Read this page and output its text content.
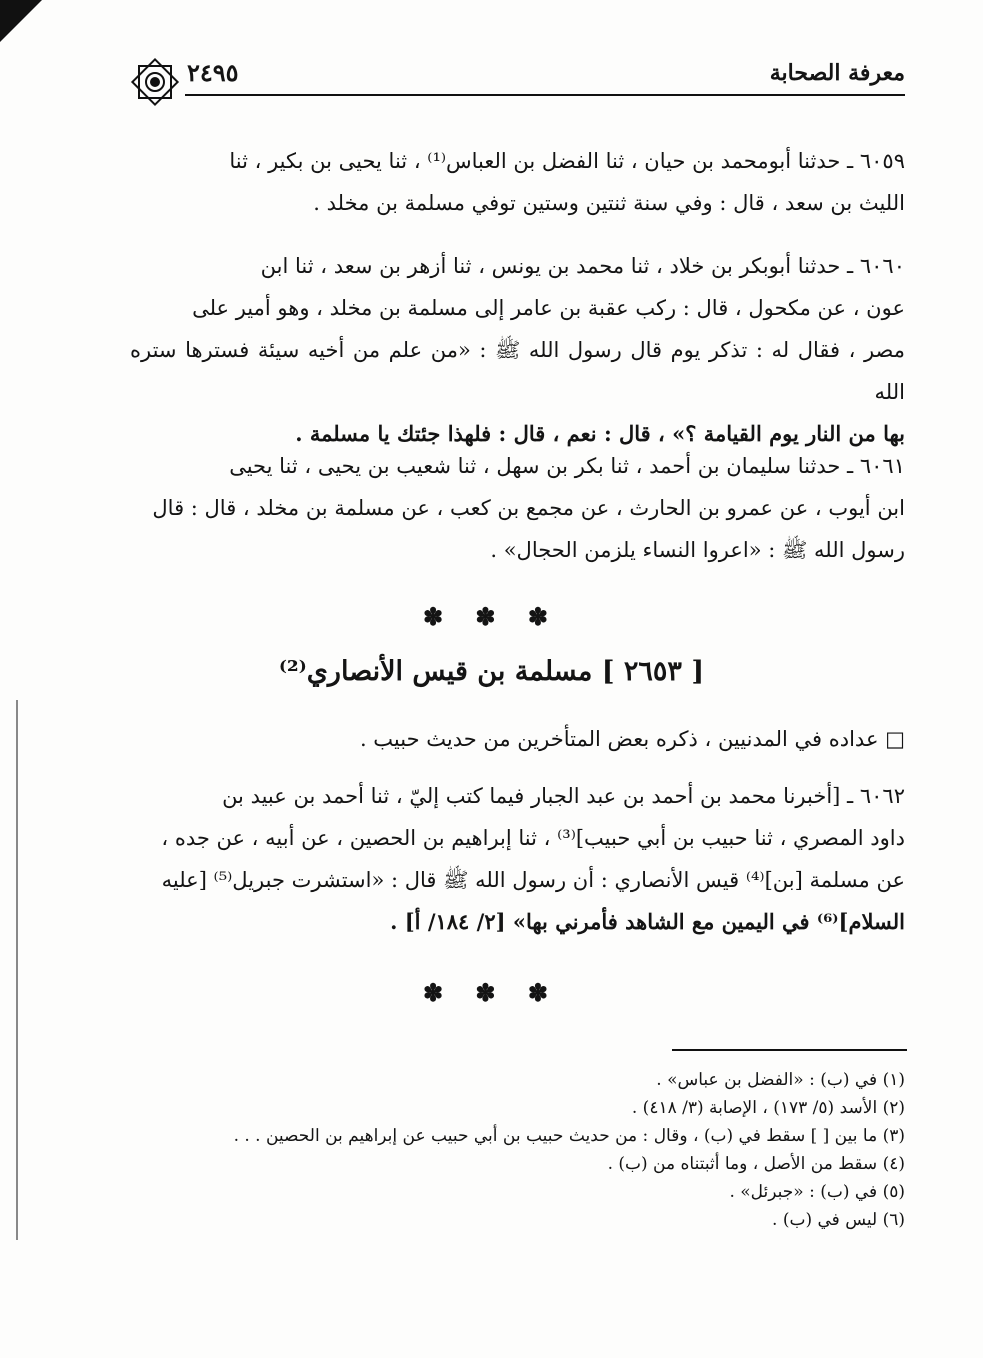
٢٤٩٥	معرفة الصحابة
٦٠٥٩ ـ حدثنا أبومحمد بن حيان ، ثنا الفضل بن العباس⁽¹⁾ ، ثنا يحيى بن بكير ، ثنا
الليث بن سعد ، قال : وفي سنة ثنتين وستين توفي مسلمة بن مخلد .
٦٠٦٠ ـ حدثنا أبوبكر بن خلاد ، ثنا محمد بن يونس ، ثنا أزهر بن سعد ، ثنا ابن
عون ، عن مكحول ، قال : ركب عقبة بن عامر إلى مسلمة بن مخلد ، وهو أمير على
مصر ، فقال له : تذكر يوم قال رسول الله ﷺ : «من علم من أخيه سيئة فسترها ستره الله
بها من النار يوم القيامة ؟» ، قال : نعم ، قال : فلهذا جئتك يا مسلمة .
٦٠٦١ ـ حدثنا سليمان بن أحمد ، ثنا بكر بن سهل ، ثنا شعيب بن يحيى ، ثنا يحيى
ابن أيوب ، عن عمرو بن الحارث ، عن مجمع بن كعب ، عن مسلمة بن مخلد ، قال : قال
رسول الله ﷺ : «اعروا النساء يلزمن الحجال» .
✽ ✽ ✽
[ ٢٦٥٣ ] مسلمة بن قيس الأنصاري⁽²⁾
□ عداده في المدنيين ، ذكره بعض المتأخرين من حديث حبيب .
٦٠٦٢ ـ [أخبرنا محمد بن أحمد بن عبد الجبار فيما كتب إليّ ، ثنا أحمد بن عبيد بن
داود المصري ، ثنا حبيب بن أبي حبيب]⁽³⁾ ، ثنا إبراهيم بن الحصين ، عن أبيه ، عن جده ،
عن مسلمة [بن]⁽⁴⁾ قيس الأنصاري : أن رسول الله ﷺ قال : «استشرت جبريل⁽⁵⁾ [عليه
السلام]⁽⁶⁾ في اليمين مع الشاهد فأمرني بها» [٢/ ١٨٤/ أ] .
✽ ✽ ✽
(١) في (ب) : «الفضل بن عباس» .
(٢) الأسد (٥/ ١٧٣) ، الإصابة (٣/ ٤١٨) .
(٣) ما بين [ ] سقط في (ب) ، وقال : من حديث حبيب بن أبي حبيب عن إبراهيم بن الحصين . . .
(٤) سقط من الأصل ، وما أثبتناه من (ب) .
(٥) في (ب) : «جبرئل» .
(٦) ليس في (ب) .
